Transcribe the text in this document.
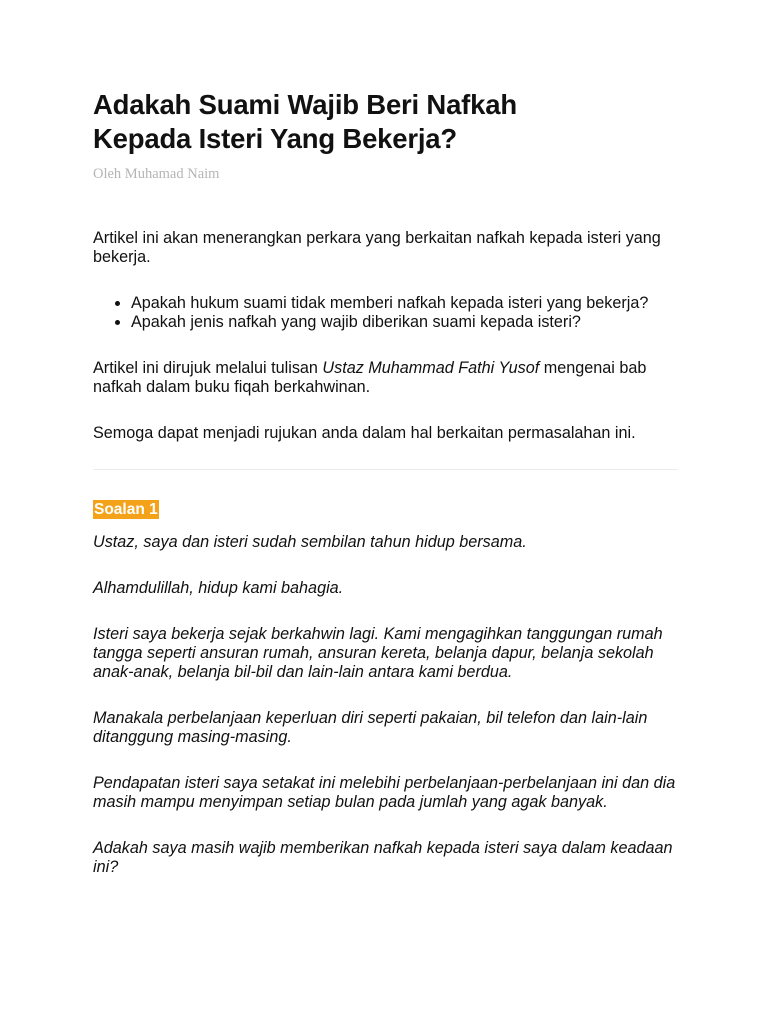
Adakah Suami Wajib Beri Nafkah
Kepada Isteri Yang Bekerja?
Oleh Muhamad Naim

Artikel ini akan menerangkan perkara yang berkaitan nafkah kepada isteri yang bekerja.

• Apakah hukum suami tidak memberi nafkah kepada isteri yang bekerja?
• Apakah jenis nafkah yang wajib diberikan suami kepada isteri?

Artikel ini dirujuk melalui tulisan Ustaz Muhammad Fathi Yusof mengenai bab nafkah dalam buku fiqah berkahwinan.

Semoga dapat menjadi rujukan anda dalam hal berkaitan permasalahan ini.

Soalan 1

Ustaz, saya dan isteri sudah sembilan tahun hidup bersama.

Alhamdulillah, hidup kami bahagia.

Isteri saya bekerja sejak berkahwin lagi. Kami mengagihkan tanggungan rumah tangga seperti ansuran rumah, ansuran kereta, belanja dapur, belanja sekolah anak-anak, belanja bil-bil dan lain-lain antara kami berdua.

Manakala perbelanjaan keperluan diri seperti pakaian, bil telefon dan lain-lain ditanggung masing-masing.

Pendapatan isteri saya setakat ini melebihi perbelanjaan-perbelanjaan ini dan dia masih mampu menyimpan setiap bulan pada jumlah yang agak banyak.

Adakah saya masih wajib memberikan nafkah kepada isteri saya dalam keadaan ini?
